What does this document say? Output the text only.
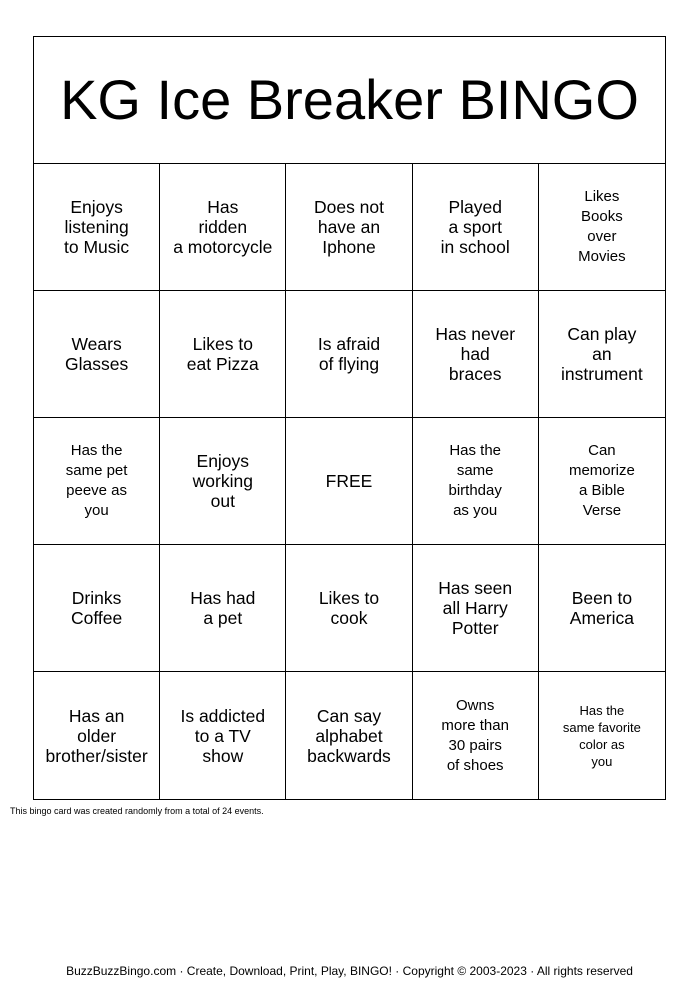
KG Ice Breaker BINGO
Enjoys
listening
to Music
Has
ridden
a motorcycle
Does not
have an
Iphone
Played
a sport
in school
Likes
Books
over
Movies
Wears
Glasses
Likes to
eat Pizza
Is afraid
of flying
Has never
had
braces
Can play
an
instrument
Has the
same pet
peeve as
you
Enjoys
working
out
FREE
Has the
same
birthday
as you
Can
memorize
a Bible
Verse
Drinks
Coffee
Has had
a pet
Likes to
cook
Has seen
all Harry
Potter
Been to
America
Has an
older
brother/sister
Is addicted
to a TV
show
Can say
alphabet
backwards
Owns
more than
30 pairs
of shoes
Has the
same favorite
color as
you
This bingo card was created randomly from a total of 24 events.
BuzzBuzzBingo.com · Create, Download, Print, Play, BINGO! · Copyright © 2003-2023 · All rights reserved
